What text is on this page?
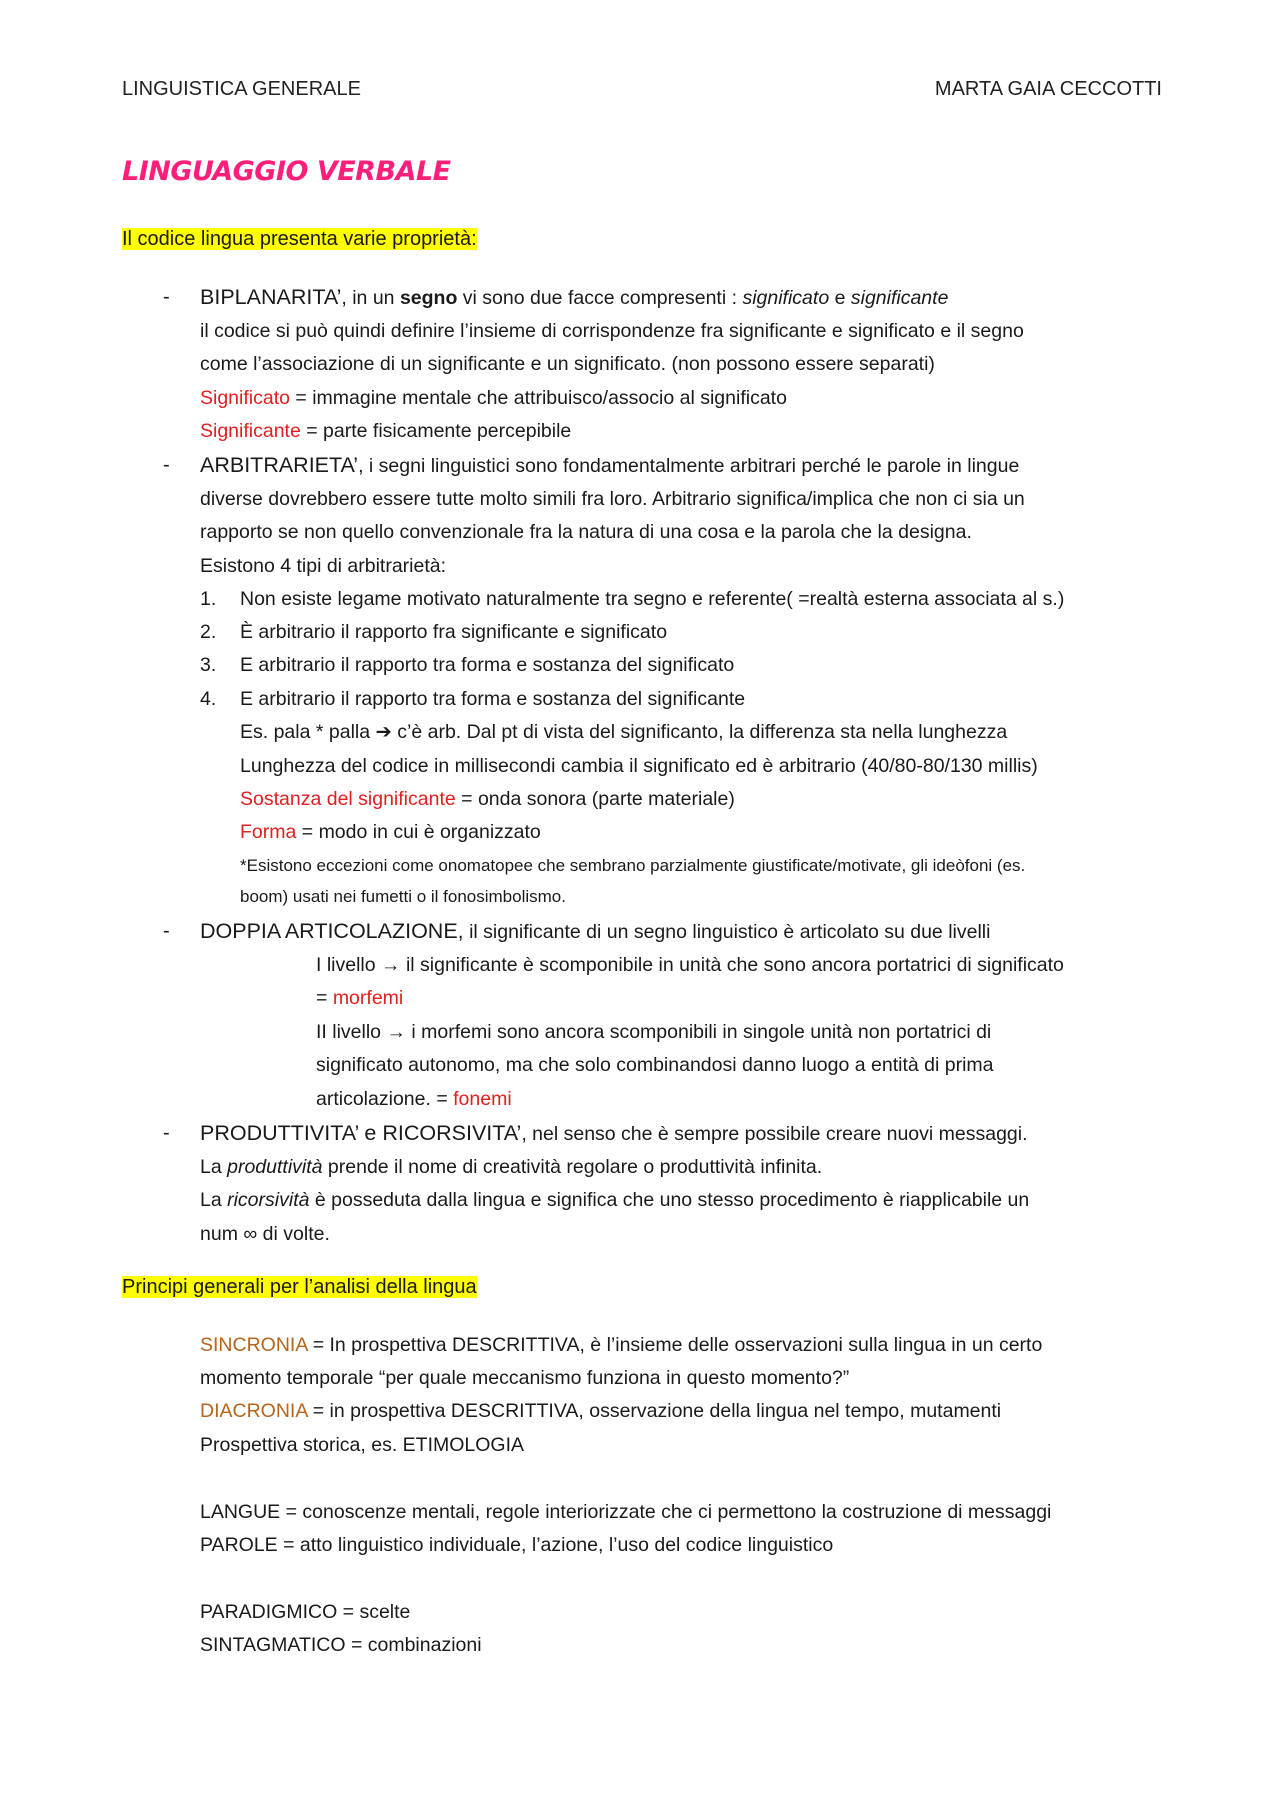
LINGUISTICA GENERALE	MARTA GAIA CECCOTTI
LINGUAGGIO VERBALE
Il codice lingua presenta varie proprietà:
- BIPLANARITA’, in un segno vi sono due facce compresenti : significato e significante
il codice si può quindi definire l’insieme di corrispondenze fra significante e significato e il segno
come l’associazione di un significante e un significato. (non possono essere separati)
Significato = immagine mentale che attribuisco/associo al significato
Significante = parte fisicamente percepibile
- ARBITRARIETA’, i segni linguistici sono fondamentalmente arbitrari perché le parole in lingue
diverse dovrebbero essere tutte molto simili fra loro. Arbitrario significa/implica che non ci sia un
rapporto se non quello convenzionale fra la natura di una cosa e la parola che la designa.
Esistono 4 tipi di arbitrarietà:
1. Non esiste legame motivato naturalmente tra segno e referente( =realtà esterna associata al s.)
2. È arbitrario il rapporto fra significante e significato
3. E arbitrario il rapporto tra forma e sostanza del significato
4. E arbitrario il rapporto tra forma e sostanza del significante
Es. pala * palla ➔ c’è arb. Dal pt di vista del significanto, la differenza sta nella lunghezza
Lunghezza del codice in millisecondi cambia il significato ed è arbitrario (40/80-80/130 millis)
Sostanza del significante = onda sonora (parte materiale)
Forma = modo in cui è organizzato
*Esistono eccezioni come onomatopee che sembrano parzialmente giustificate/motivate, gli ideòfoni (es.
boom) usati nei fumetti o il fonosimbolismo.
- DOPPIA ARTICOLAZIONE, il significante di un segno linguistico è articolato su due livelli
I livello → il significante è scomponibile in unità che sono ancora portatrici di significato
= morfemi
II livello → i morfemi sono ancora scomponibili in singole unità non portatrici di
significato autonomo, ma che solo combinandosi danno luogo a entità di prima
articolazione. = fonemi
- PRODUTTIVITA’ e RICORSIVITA’, nel senso che è sempre possibile creare nuovi messaggi.
La produttività prende il nome di creatività regolare o produttività infinita.
La ricorsività è posseduta dalla lingua e significa che uno stesso procedimento è riapplicabile un
num ∞ di volte.
Principi generali per l’analisi della lingua
SINCRONIA = In prospettiva DESCRITTIVA, è l’insieme delle osservazioni sulla lingua in un certo
momento temporale “per quale meccanismo funziona in questo momento?”
DIACRONIA = in prospettiva DESCRITTIVA, osservazione della lingua nel tempo, mutamenti
Prospettiva storica, es. ETIMOLOGIA
LANGUE = conoscenze mentali, regole interiorizzate che ci permettono la costruzione di messaggi
PAROLE = atto linguistico individuale, l’azione, l’uso del codice linguistico
PARADIGMICO = scelte
SINTAGMATICO = combinazioni
